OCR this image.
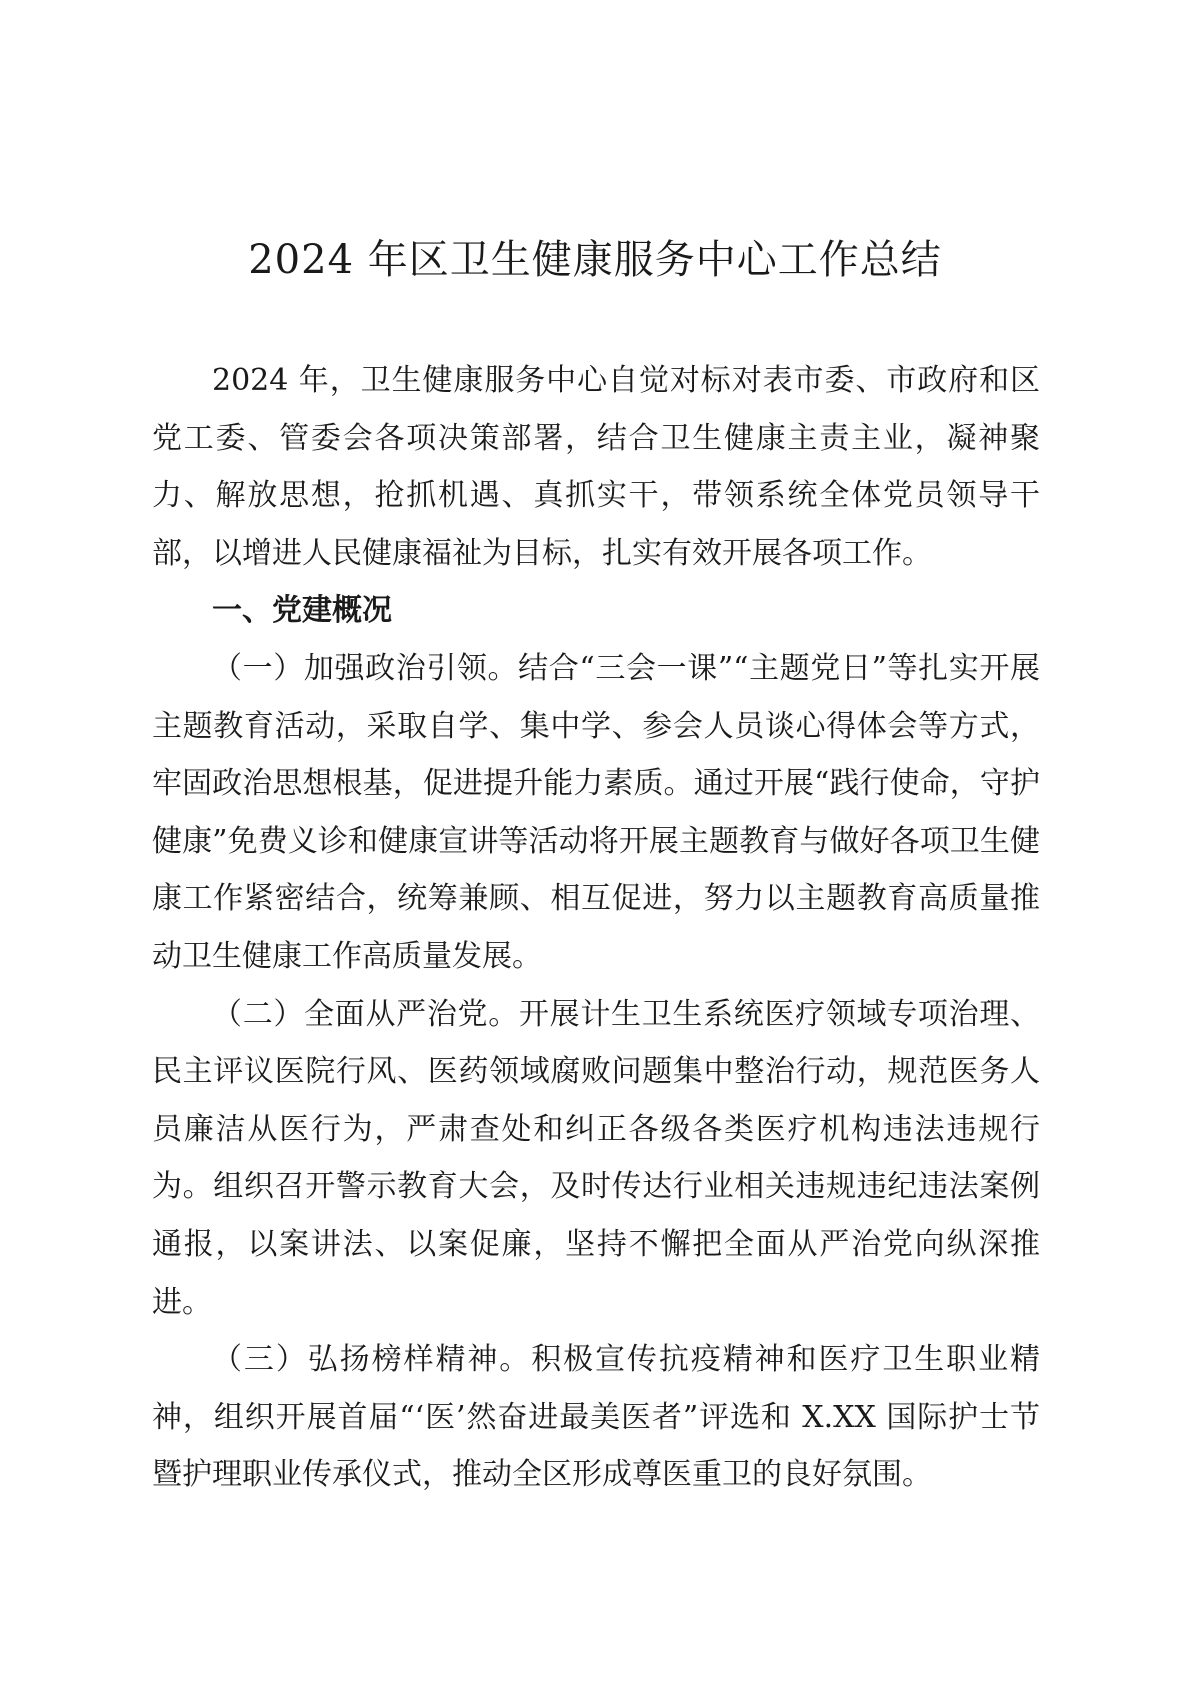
2024 年区卫生健康服务中心工作总结

2024 年，卫生健康服务中心自觉对标对表市委、市政府和区党工委、管委会各项决策部署，结合卫生健康主责主业，凝神聚力、解放思想，抢抓机遇、真抓实干，带领系统全体党员领导干部，以增进人民健康福祉为目标，扎实有效开展各项工作。

一、党建概况

（一）加强政治引领。结合“三会一课”“主题党日”等扎实开展主题教育活动，采取自学、集中学、参会人员谈心得体会等方式，牢固政治思想根基，促进提升能力素质。通过开展“践行使命，守护健康”免费义诊和健康宣讲等活动将开展主题教育与做好各项卫生健康工作紧密结合，统筹兼顾、相互促进，努力以主题教育高质量推动卫生健康工作高质量发展。

（二）全面从严治党。开展计生卫生系统医疗领域专项治理、民主评议医院行风、医药领域腐败问题集中整治行动，规范医务人员廉洁从医行为，严肃查处和纠正各级各类医疗机构违法违规行为。组织召开警示教育大会，及时传达行业相关违规违纪违法案例通报，以案讲法、以案促廉，坚持不懈把全面从严治党向纵深推进。

（三）弘扬榜样精神。积极宣传抗疫精神和医疗卫生职业精神，组织开展首届“‘医’然奋进最美医者”评选和 X.XX 国际护士节暨护理职业传承仪式，推动全区形成尊医重卫的良好氛围。
